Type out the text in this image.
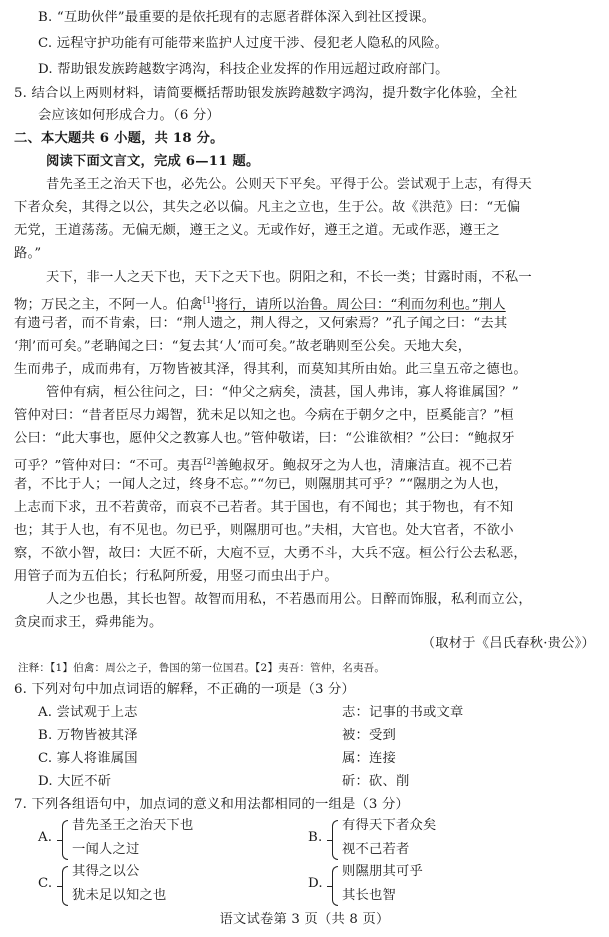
B. “互助伙伴”最重要的是依托现有的志愿者群体深入到社区授课。
C. 远程守护功能有可能带来监护人过度干涉、侵犯老人隐私的风险。
D. 帮助银发族跨越数字鸿沟，科技企业发挥的作用远超过政府部门。
5. 结合以上两则材料，请简要概括帮助银发族跨越数字鸿沟，提升数字化体验，全社
会应该如何形成合力。（6 分）
二、本大题共 6 小题，共 18 分。
阅读下面文言文，完成 6—11 题。
昔先圣王之治天下也，必先公。公则天下平矣。平得于公。尝试观于上志，有得天
下者众矣，其得之以公，其失之必以偏。凡主之立也，生于公。故《洪范》曰：“无偏
无党，王道荡荡。无偏无颇，遵王之义。无或作好，遵王之道。无或作恶，遵王之
路。”
天下，非一人之天下也，天下之天下也。阴阳之和，不长一类；甘露时雨，不私一
物；万民之主，不阿一人。伯禽[1]将行，请所以治鲁。周公曰：“利而勿利也。”荆人
有遗弓者，而不肯索，曰：“荆人遗之，荆人得之，又何索焉？”孔子闻之曰：“去其
‘荆’而可矣。”老聃闻之曰：“复去其‘人’而可矣。”故老聃则至公矣。天地大矣，
生而弗子，成而弗有，万物皆被其泽，得其利，而莫知其所由始。此三皇五帝之德也。
管仲有病，桓公往问之，曰：“仲父之病矣，渍甚，国人弗讳，寡人将谁属国？”
管仲对曰：“昔者臣尽力竭智，犹未足以知之也。今病在于朝夕之中，臣奚能言？”桓
公曰：“此大事也，愿仲父之教寡人也。”管仲敬诺，曰：“公谁欲相？”公曰：“鲍叔牙
可乎？”管仲对曰：“不可。夷吾[2]善鲍叔牙。鲍叔牙之为人也，清廉洁直。视不己若
者，不比于人；一闻人之过，终身不忘。”“勿已，则隰朋其可乎？”“隰朋之为人也，
上志而下求，丑不若黄帝，而哀不己若者。其于国也，有不闻也；其于物也，有不知
也；其于人也，有不见也。勿已乎，则隰朋可也。”夫相，大官也。处大官者，不欲小
察，不欲小智，故曰：大匠不斫，大庖不豆，大勇不斗，大兵不寇。桓公行公去私恶，
用管子而为五伯长；行私阿所爱，用竖刁而虫出于户。
人之少也愚，其长也智。故智而用私，不若愚而用公。日醉而饰服，私利而立公，
贪戾而求王，舜弗能为。
（取材于《吕氏春秋·贵公》）
注释：【1】伯禽：周公之子，鲁国的第一位国君。【2】夷吾：管仲，名夷吾。
6. 下列对句中加点词语的解释，不正确的一项是（3 分）
A. 尝试观于上志	志：记事的书或文章
B. 万物皆被其泽	被：受到
C. 寡人将谁属国	属：连接
D. 大匠不斫	斫：砍、削
7. 下列各组语句中，加点词的意义和用法都相同的一组是（3 分）
A.
昔先圣王之治天下也
一闻人之过
B.
有得天下者众矣
视不己若者
C.
其得之以公
犹未足以知之也
D.
则隰朋其可乎
其长也智
语文试卷第 3 页（共 8 页）
